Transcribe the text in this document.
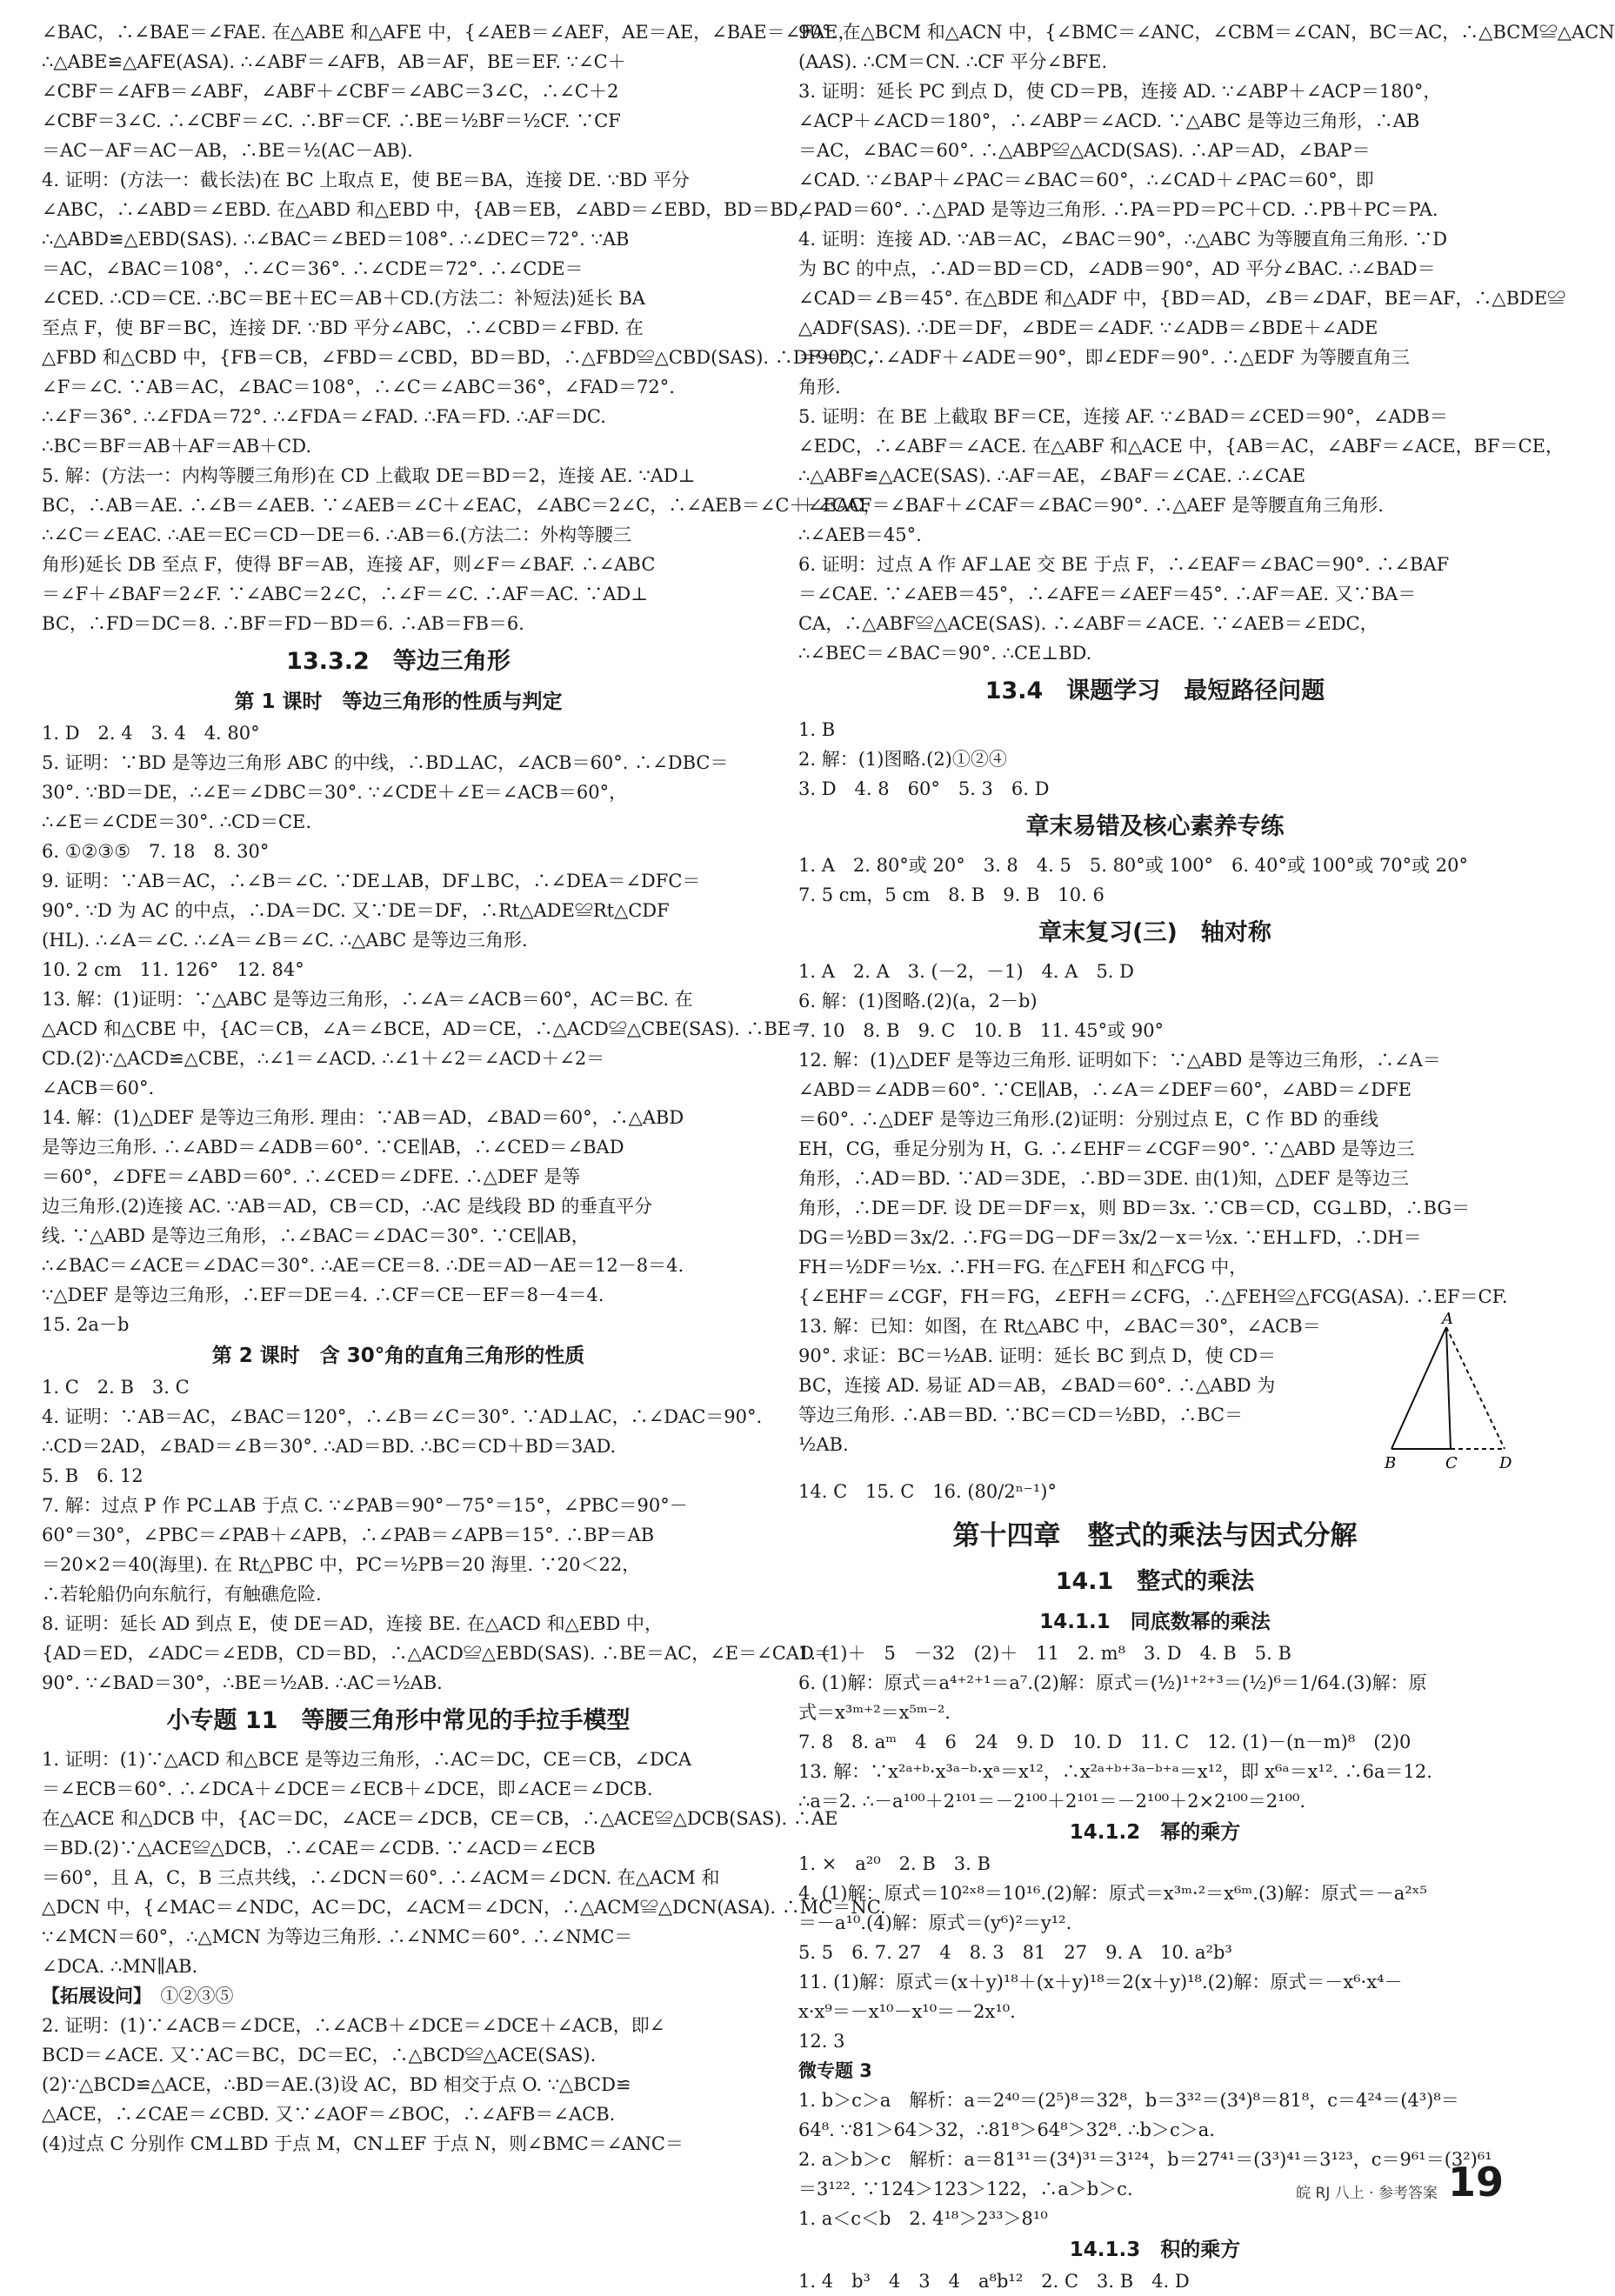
∠BAC，∴∠BAE＝∠FAE. 在△ABE 和△AFE 中，{∠AEB＝∠AEF，AE＝AE，∠BAE＝∠FAE，

∴△ABE≌△AFE(ASA). ∴∠ABF＝∠AFB，AB＝AF，BE＝EF. ∵∠C＋

∠CBF＝∠AFB＝∠ABF，∠ABF＋∠CBF＝∠ABC＝3∠C，∴∠C＋2

∠CBF＝3∠C. ∴∠CBF＝∠C. ∴BF＝CF. ∴BE＝½BF＝½CF. ∵CF

＝AC－AF＝AC－AB，∴BE＝½(AC－AB).

4. 证明：(方法一：截长法)在 BC 上取点 E，使 BE＝BA，连接 DE. ∵BD 平分

∠ABC，∴∠ABD＝∠EBD. 在△ABD 和△EBD 中，{AB＝EB，∠ABD＝∠EBD，BD＝BD，

∴△ABD≌△EBD(SAS). ∴∠BAC＝∠BED＝108°. ∴∠DEC＝72°. ∵AB

＝AC，∠BAC＝108°，∴∠C＝36°. ∴∠CDE＝72°. ∴∠CDE＝

∠CED. ∴CD＝CE. ∴BC＝BE＋EC＝AB＋CD.(方法二：补短法)延长 BA

至点 F，使 BF＝BC，连接 DF. ∵BD 平分∠ABC，∴∠CBD＝∠FBD. 在

△FBD 和△CBD 中，{FB＝CB，∠FBD＝∠CBD，BD＝BD，∴△FBD≌△CBD(SAS). ∴DF＝DC，

∠F＝∠C. ∵AB＝AC，∠BAC＝108°，∴∠C＝∠ABC＝36°，∠FAD＝72°.

∴∠F＝36°. ∴∠FDA＝72°. ∴∠FDA＝∠FAD. ∴FA＝FD. ∴AF＝DC.

∴BC＝BF＝AB＋AF＝AB＋CD.

5. 解：(方法一：内构等腰三角形)在 CD 上截取 DE＝BD＝2，连接 AE. ∵AD⊥

BC，∴AB＝AE. ∴∠B＝∠AEB. ∵∠AEB＝∠C＋∠EAC，∠ABC＝2∠C，∴∠AEB＝∠C＋∠EAC，

∴∠C＝∠EAC. ∴AE＝EC＝CD－DE＝6. ∴AB＝6.(方法二：外构等腰三

角形)延长 DB 至点 F，使得 BF＝AB，连接 AF，则∠F＝∠BAF. ∴∠ABC

＝∠F＋∠BAF＝2∠F. ∵∠ABC＝2∠C，∴∠F＝∠C. ∴AF＝AC. ∵AD⊥

BC，∴FD＝DC＝8. ∴BF＝FD－BD＝6. ∴AB＝FB＝6.

13.3.2　等边三角形
第 1 课时　等边三角形的性质与判定

1. D　2. 4　3. 4　4. 80°

5. 证明：∵BD 是等边三角形 ABC 的中线，∴BD⊥AC，∠ACB＝60°. ∴∠DBC＝

30°. ∵BD＝DE，∴∠E＝∠DBC＝30°. ∵∠CDE＋∠E＝∠ACB＝60°，

∴∠E＝∠CDE＝30°. ∴CD＝CE.

6. ①②③⑤　7. 18　8. 30°

9. 证明：∵AB＝AC，∴∠B＝∠C. ∵DE⊥AB，DF⊥BC，∴∠DEA＝∠DFC＝

90°. ∵D 为 AC 的中点，∴DA＝DC. 又∵DE＝DF，∴Rt△ADE≌Rt△CDF

(HL). ∴∠A＝∠C. ∴∠A＝∠B＝∠C. ∴△ABC 是等边三角形.

10. 2 cm　11. 126°　12. 84°

13. 解：(1)证明：∵△ABC 是等边三角形，∴∠A＝∠ACB＝60°，AC＝BC. 在

△ACD 和△CBE 中，{AC＝CB，∠A＝∠BCE，AD＝CE，∴△ACD≌△CBE(SAS). ∴BE＝

CD.(2)∵△ACD≌△CBE，∴∠1＝∠ACD. ∴∠1＋∠2＝∠ACD＋∠2＝

∠ACB＝60°.

14. 解：(1)△DEF 是等边三角形. 理由：∵AB＝AD，∠BAD＝60°，∴△ABD

是等边三角形. ∴∠ABD＝∠ADB＝60°. ∵CE∥AB，∴∠CED＝∠BAD

＝60°，∠DFE＝∠ABD＝60°. ∴∠CED＝∠DFE. ∴△DEF 是等

边三角形.(2)连接 AC. ∵AB＝AD，CB＝CD，∴AC 是线段 BD 的垂直平分

线. ∵△ABD 是等边三角形，∴∠BAC＝∠DAC＝30°. ∵CE∥AB，

∴∠BAC＝∠ACE＝∠DAC＝30°. ∴AE＝CE＝8. ∴DE＝AD－AE＝12－8＝4.

∵△DEF 是等边三角形，∴EF＝DE＝4. ∴CF＝CE－EF＝8－4＝4.

15. 2a－b

第 2 课时　含 30°角的直角三角形的性质

1. C　2. B　3. C

4. 证明：∵AB＝AC，∠BAC＝120°，∴∠B＝∠C＝30°. ∵AD⊥AC，∴∠DAC＝90°.

∴CD＝2AD，∠BAD＝∠B＝30°. ∴AD＝BD. ∴BC＝CD＋BD＝3AD.

5. B　6. 12

7. 解：过点 P 作 PC⊥AB 于点 C. ∵∠PAB＝90°－75°＝15°，∠PBC＝90°－

60°＝30°，∠PBC＝∠PAB＋∠APB，∴∠PAB＝∠APB＝15°. ∴BP＝AB

＝20×2＝40(海里). 在 Rt△PBC 中，PC＝½PB＝20 海里. ∵20＜22，

∴若轮船仍向东航行，有触礁危险.

8. 证明：延长 AD 到点 E，使 DE＝AD，连接 BE. 在△ACD 和△EBD 中，

{AD＝ED，∠ADC＝∠EDB，CD＝BD，∴△ACD≌△EBD(SAS). ∴BE＝AC，∠E＝∠CAD＝

90°. ∵∠BAD＝30°，∴BE＝½AB. ∴AC＝½AB.

小专题 11　等腰三角形中常见的手拉手模型

1. 证明：(1)∵△ACD 和△BCE 是等边三角形，∴AC＝DC，CE＝CB，∠DCA

＝∠ECB＝60°. ∴∠DCA＋∠DCE＝∠ECB＋∠DCE，即∠ACE＝∠DCB.

在△ACE 和△DCB 中，{AC＝DC，∠ACE＝∠DCB，CE＝CB，∴△ACE≌△DCB(SAS). ∴AE

＝BD.(2)∵△ACE≌△DCB，∴∠CAE＝∠CDB. ∵∠ACD＝∠ECB

＝60°，且 A，C，B 三点共线，∴∠DCN＝60°. ∴∠ACM＝∠DCN. 在△ACM 和

△DCN 中，{∠MAC＝∠NDC，AC＝DC，∠ACM＝∠DCN，∴△ACM≌△DCN(ASA). ∴MC＝NC.

∵∠MCN＝60°，∴△MCN 为等边三角形. ∴∠NMC＝60°. ∴∠NMC＝

∠DCA. ∴MN∥AB.

【拓展设问】　 ①②③⑤

2. 证明：(1)∵∠ACB＝∠DCE，∴∠ACB＋∠DCE＝∠DCE＋∠ACB，即∠

BCD＝∠ACE. 又∵AC＝BC，DC＝EC，∴△BCD≌△ACE(SAS).

(2)∵△BCD≌△ACE，∴BD＝AE.(3)设 AC，BD 相交于点 O. ∵△BCD≌

△ACE，∴∠CAE＝∠CBD. 又∵∠AOF＝∠BOC，∴∠AFB＝∠ACB.

(4)过点 C 分别作 CM⊥BD 于点 M，CN⊥EF 于点 N，则∠BMC＝∠ANC＝

90°. 在△BCM 和△ACN 中，{∠BMC＝∠ANC，∠CBM＝∠CAN，BC＝AC，∴△BCM≌△ACN

(AAS). ∴CM＝CN. ∴CF 平分∠BFE.

3. 证明：延长 PC 到点 D，使 CD＝PB，连接 AD. ∵∠ABP＋∠ACP＝180°，

∠ACP＋∠ACD＝180°，∴∠ABP＝∠ACD. ∵△ABC 是等边三角形，∴AB

＝AC，∠BAC＝60°. ∴△ABP≌△ACD(SAS). ∴AP＝AD，∠BAP＝

∠CAD. ∵∠BAP＋∠PAC＝∠BAC＝60°，∴∠CAD＋∠PAC＝60°，即

∠PAD＝60°. ∴△PAD 是等边三角形. ∴PA＝PD＝PC＋CD. ∴PB＋PC＝PA.

4. 证明：连接 AD. ∵AB＝AC，∠BAC＝90°，∴△ABC 为等腰直角三角形. ∵D

为 BC 的中点，∴AD＝BD＝CD，∠ADB＝90°，AD 平分∠BAC. ∴∠BAD＝

∠CAD＝∠B＝45°. 在△BDE 和△ADF 中，{BD＝AD，∠B＝∠DAF，BE＝AF，∴△BDE≌

△ADF(SAS). ∴DE＝DF，∠BDE＝∠ADF. ∵∠ADB＝∠BDE＋∠ADE

＝90°，∴∠ADF＋∠ADE＝90°，即∠EDF＝90°. ∴△EDF 为等腰直角三

角形.

5. 证明：在 BE 上截取 BF＝CE，连接 AF. ∵∠BAD＝∠CED＝90°，∠ADB＝

∠EDC，∴∠ABF＝∠ACE. 在△ABF 和△ACE 中，{AB＝AC，∠ABF＝∠ACE，BF＝CE，

∴△ABF≌△ACE(SAS). ∴AF＝AE，∠BAF＝∠CAE. ∴∠CAE

＋∠CAF＝∠BAF＋∠CAF＝∠BAC＝90°. ∴△AEF 是等腰直角三角形.

∴∠AEB＝45°.

6. 证明：过点 A 作 AF⊥AE 交 BE 于点 F，∴∠EAF＝∠BAC＝90°. ∴∠BAF

＝∠CAE. ∵∠AEB＝45°，∴∠AFE＝∠AEF＝45°. ∴AF＝AE. 又∵BA＝

CA，∴△ABF≌△ACE(SAS). ∴∠ABF＝∠ACE. ∵∠AEB＝∠EDC，

∴∠BEC＝∠BAC＝90°. ∴CE⊥BD.

13.4　课题学习　最短路径问题

1. B

2. 解：(1)图略.(2)①②④

3. D　4. 8　60°　5. 3　6. D

章末易错及核心素养专练

1. A　2. 80°或 20°　3. 8　4. 5　5. 80°或 100°　6. 40°或 100°或 70°或 20°

7. 5 cm，5 cm　8. B　9. B　10. 6

章末复习(三)　轴对称

1. A　2. A　3. (－2，－1)　4. A　5. D

6. 解：(1)图略.(2)(a，2－b)

7. 10　8. B　9. C　10. B　11. 45°或 90°

12. 解：(1)△DEF 是等边三角形. 证明如下：∵△ABD 是等边三角形，∴∠A＝

∠ABD＝∠ADB＝60°. ∵CE∥AB，∴∠A＝∠DEF＝60°，∠ABD＝∠DFE

＝60°. ∴△DEF 是等边三角形.(2)证明：分别过点 E，C 作 BD 的垂线

EH，CG，垂足分别为 H，G. ∴∠EHF＝∠CGF＝90°. ∵△ABD 是等边三

角形，∴AD＝BD. ∵AD＝3DE，∴BD＝3DE. 由(1)知，△DEF 是等边三

角形，∴DE＝DF. 设 DE＝DF＝x，则 BD＝3x. ∵CB＝CD，CG⊥BD，∴BG＝

DG＝½BD＝3x/2. ∴FG＝DG－DF＝3x/2－x＝½x. ∵EH⊥FD，∴DH＝

FH＝½DF＝½x. ∴FH＝FG. 在△FEH 和△FCG 中，

{∠EHF＝∠CGF，FH＝FG，∠EFH＝∠CFG，∴△FEH≌△FCG(ASA). ∴EF＝CF.

13. 解：已知：如图，在 Rt△ABC 中，∠BAC＝30°，∠ACB＝

90°. 求证：BC＝½AB. 证明：延长 BC 到点 D，使 CD＝

BC，连接 AD. 易证 AD＝AB，∠BAD＝60°. ∴△ABD 为

等边三角形. ∴AB＝BD. ∵BC＝CD＝½BD，∴BC＝

½AB.

A
B	C	D

14. C　15. C　16. (80/2ⁿ⁻¹)°

第十四章　整式的乘法与因式分解
14.1　整式的乘法
14.1.1　同底数幂的乘法

1. (1)＋　5　－32　(2)＋　11　2. m⁸　3. D　4. B　5. B

6. (1)解：原式＝a⁴⁺²⁺¹＝a⁷.(2)解：原式＝(½)¹⁺²⁺³＝(½)⁶＝1/64.(3)解：原

式＝x³ᵐ⁺²＝x⁵ᵐ⁻².

7. 8　8. aᵐ　4　6　24　9. D　10. D　11. C　12. (1)－(n－m)⁸　(2)0

13. 解：∵x²ᵃ⁺ᵇ·x³ᵃ⁻ᵇ·xᵃ＝x¹²，∴x²ᵃ⁺ᵇ⁺³ᵃ⁻ᵇ⁺ᵃ＝x¹²，即 x⁶ᵃ＝x¹². ∴6a＝12.

∴a＝2. ∴－a¹⁰⁰＋2¹⁰¹＝－2¹⁰⁰＋2¹⁰¹＝－2¹⁰⁰＋2×2¹⁰⁰＝2¹⁰⁰.

14.1.2　幂的乘方

1. ×　a²⁰　2. B　3. B

4. (1)解：原式＝10²ˣ⁸＝10¹⁶.(2)解：原式＝x³ᵐ·²＝x⁶ᵐ.(3)解：原式＝－a²ˣ⁵

＝－a¹⁰.(4)解：原式＝(y⁶)²＝y¹².

5. 5　6. 7. 27　4　8. 3　81　27　9. A　10. a²b³

11. (1)解：原式＝(x＋y)¹⁸＋(x＋y)¹⁸＝2(x＋y)¹⁸.(2)解：原式＝－x⁶·x⁴－

x·x⁹＝－x¹⁰－x¹⁰＝－2x¹⁰.

12. 3

微专题 3

1. b＞c＞a　解析：a＝2⁴⁰＝(2⁵)⁸＝32⁸，b＝3³²＝(3⁴)⁸＝81⁸，c＝4²⁴＝(4³)⁸＝

64⁸. ∵81＞64＞32，∴81⁸＞64⁸＞32⁸. ∴b＞c＞a.

2. a＞b＞c　解析：a＝81³¹＝(3⁴)³¹＝3¹²⁴，b＝27⁴¹＝(3³)⁴¹＝3¹²³，c＝9⁶¹＝(3²)⁶¹

＝3¹²². ∵124＞123＞122，∴a＞b＞c.

1. a＜c＜b　2. 4¹⁸＞2³³＞8¹⁰

14.1.3　积的乘方

1. 4　b³　4　3　4　a⁸b¹²　2. C　3. B　4. D

皖 RJ 八上 · 参考答案 19
